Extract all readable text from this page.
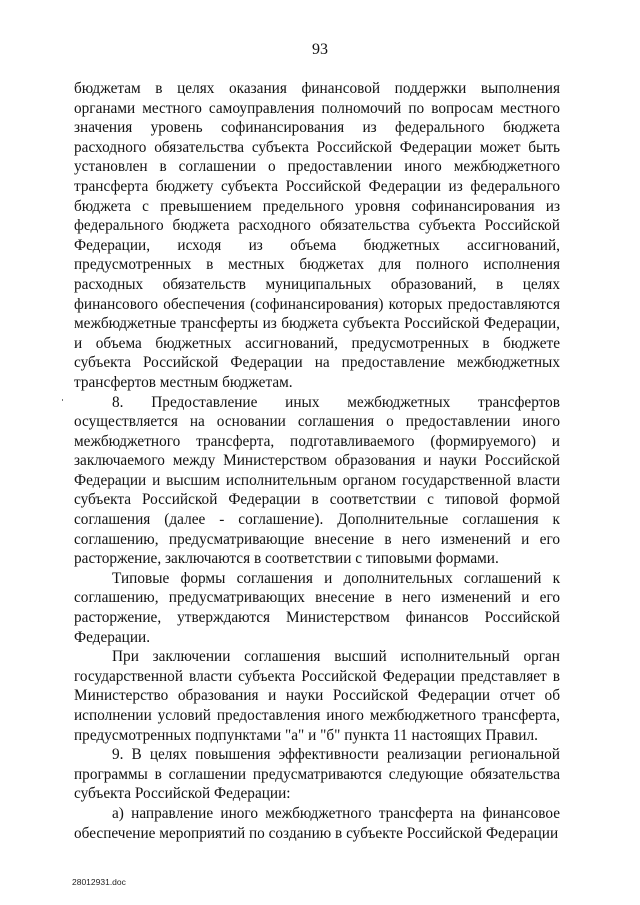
93

бюджетам в целях оказания финансовой поддержки выполнения органами местного самоуправления полномочий по вопросам местного значения уровень софинансирования из федерального бюджета расходного обязательства субъекта Российской Федерации может быть установлен в соглашении о предоставлении иного межбюджетного трансферта бюджету субъекта Российской Федерации из федерального бюджета с превышением предельного уровня софинансирования из федерального бюджета расходного обязательства субъекта Российской Федерации, исходя из объема бюджетных ассигнований, предусмотренных в местных бюджетах для полного исполнения расходных обязательств муниципальных образований, в целях финансового обеспечения (софинансирования) которых предоставляются межбюджетные трансферты из бюджета субъекта Российской Федерации, и объема бюджетных ассигнований, предусмотренных в бюджете субъекта Российской Федерации на предоставление межбюджетных трансфертов местным бюджетам.

8. Предоставление иных межбюджетных трансфертов осуществляется на основании соглашения о предоставлении иного межбюджетного трансферта, подготавливаемого (формируемого) и заключаемого между Министерством образования и науки Российской Федерации и высшим исполнительным органом государственной власти субъекта Российской Федерации в соответствии с типовой формой соглашения (далее - соглашение). Дополнительные соглашения к соглашению, предусматривающие внесение в него изменений и его расторжение, заключаются в соответствии с типовыми формами.

Типовые формы соглашения и дополнительных соглашений к соглашению, предусматривающих внесение в него изменений и его расторжение, утверждаются Министерством финансов Российской Федерации.

При заключении соглашения высший исполнительный орган государственной власти субъекта Российской Федерации представляет в Министерство образования и науки Российской Федерации отчет об исполнении условий предоставления иного межбюджетного трансферта, предусмотренных подпунктами "а" и "б" пункта 11 настоящих Правил.

9. В целях повышения эффективности реализации региональной программы в соглашении предусматриваются следующие обязательства субъекта Российской Федерации:

а) направление иного межбюджетного трансферта на финансовое обеспечение мероприятий по созданию в субъекте Российской Федерации

28012931.doc
